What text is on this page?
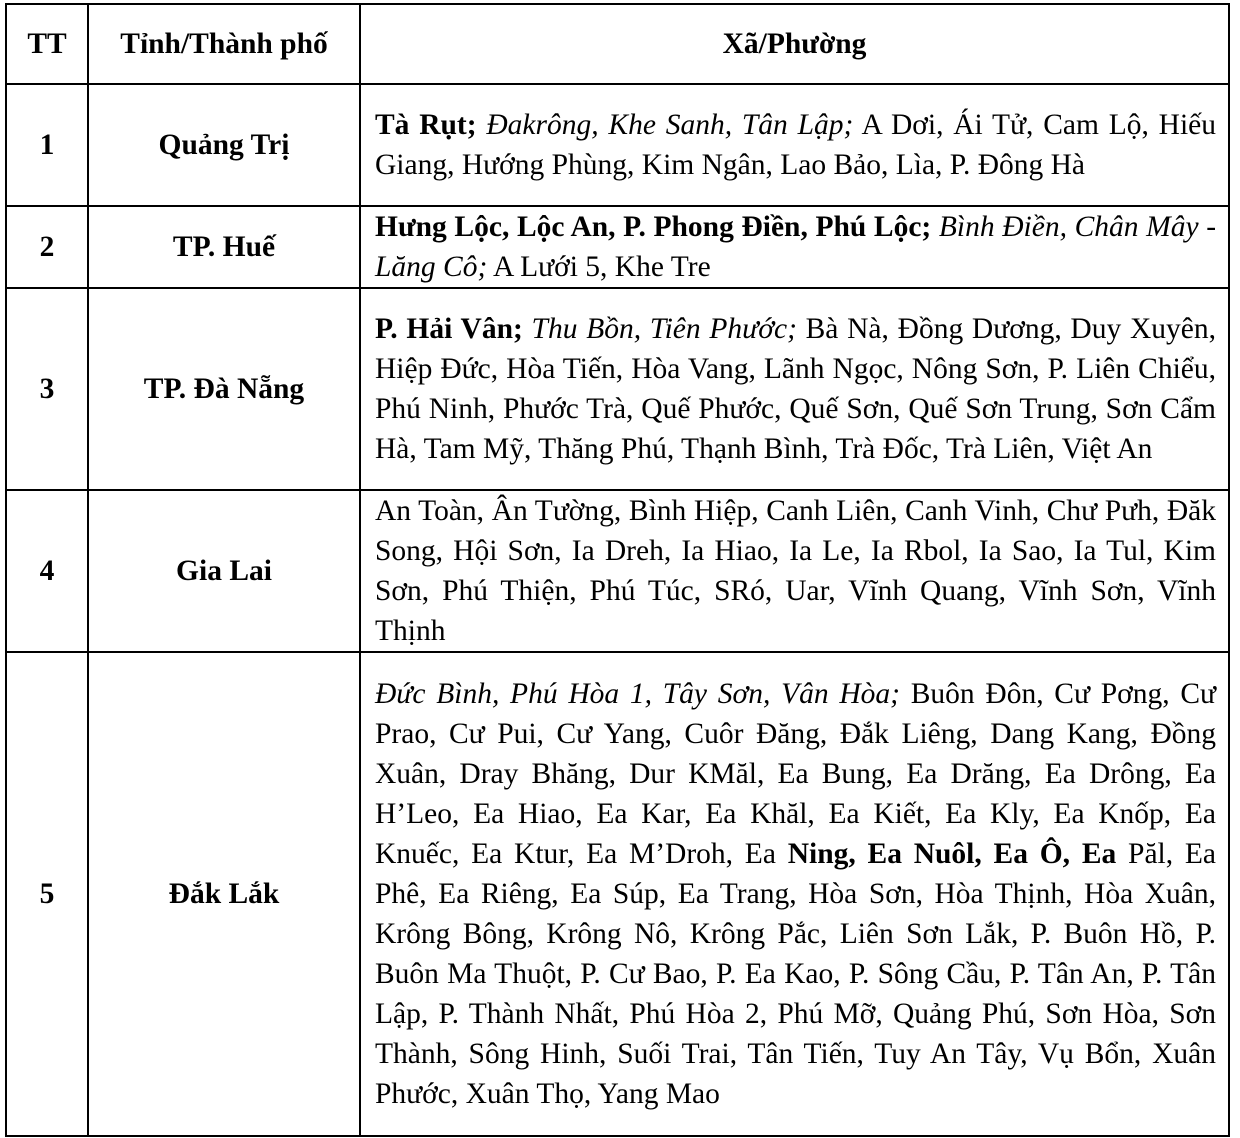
TT	Tỉnh/Thành phố	Xã/Phường
1	Quảng Trị	Tà Rụt; Đakrông, Khe Sanh, Tân Lập; A Dơi, Ái Tử, Cam Lộ, Hiếu Giang, Hướng Phùng, Kim Ngân, Lao Bảo, Lìa, P. Đông Hà
2	TP. Huế	Hưng Lộc, Lộc An, P. Phong Điền, Phú Lộc; Bình Điền, Chân Mây - Lăng Cô; A Lưới 5, Khe Tre
3	TP. Đà Nẵng	P. Hải Vân; Thu Bồn, Tiên Phước; Bà Nà, Đồng Dương, Duy Xuyên, Hiệp Đức, Hòa Tiến, Hòa Vang, Lãnh Ngọc, Nông Sơn, P. Liên Chiểu, Phú Ninh, Phước Trà, Quế Phước, Quế Sơn, Quế Sơn Trung, Sơn Cẩm Hà, Tam Mỹ, Thăng Phú, Thạnh Bình, Trà Đốc, Trà Liên, Việt An
4	Gia Lai	An Toàn, Ân Tường, Bình Hiệp, Canh Liên, Canh Vinh, Chư Pưh, Đăk Song, Hội Sơn, Ia Dreh, Ia Hiao, Ia Le, Ia Rbol, Ia Sao, Ia Tul, Kim Sơn, Phú Thiện, Phú Túc, SRó, Uar, Vĩnh Quang, Vĩnh Sơn, Vĩnh Thịnh
5	Đắk Lắk	Đức Bình, Phú Hòa 1, Tây Sơn, Vân Hòa; Buôn Đôn, Cư Pơng, Cư Prao, Cư Pui, Cư Yang, Cuôr Đăng, Đắk Liêng, Dang Kang, Đồng Xuân, Dray Bhăng, Dur KMăl, Ea Bung, Ea Drăng, Ea Drông, Ea H’Leo, Ea Hiao, Ea Kar, Ea Khăl, Ea Kiết, Ea Kly, Ea Knốp, Ea Knuếc, Ea Ktur, Ea M’Droh, Ea Ning, Ea Nuôl, Ea Ô, Ea Păl, Ea Phê, Ea Riêng, Ea Súp, Ea Trang, Hòa Sơn, Hòa Thịnh, Hòa Xuân, Krông Bông, Krông Nô, Krông Pắc, Liên Sơn Lắk, P. Buôn Hồ, P. Buôn Ma Thuột, P. Cư Bao, P. Ea Kao, P. Sông Cầu, P. Tân An, P. Tân Lập, P. Thành Nhất, Phú Hòa 2, Phú Mỡ, Quảng Phú, Sơn Hòa, Sơn Thành, Sông Hinh, Suối Trai, Tân Tiến, Tuy An Tây, Vụ Bổn, Xuân Phước, Xuân Thọ, Yang Mao
